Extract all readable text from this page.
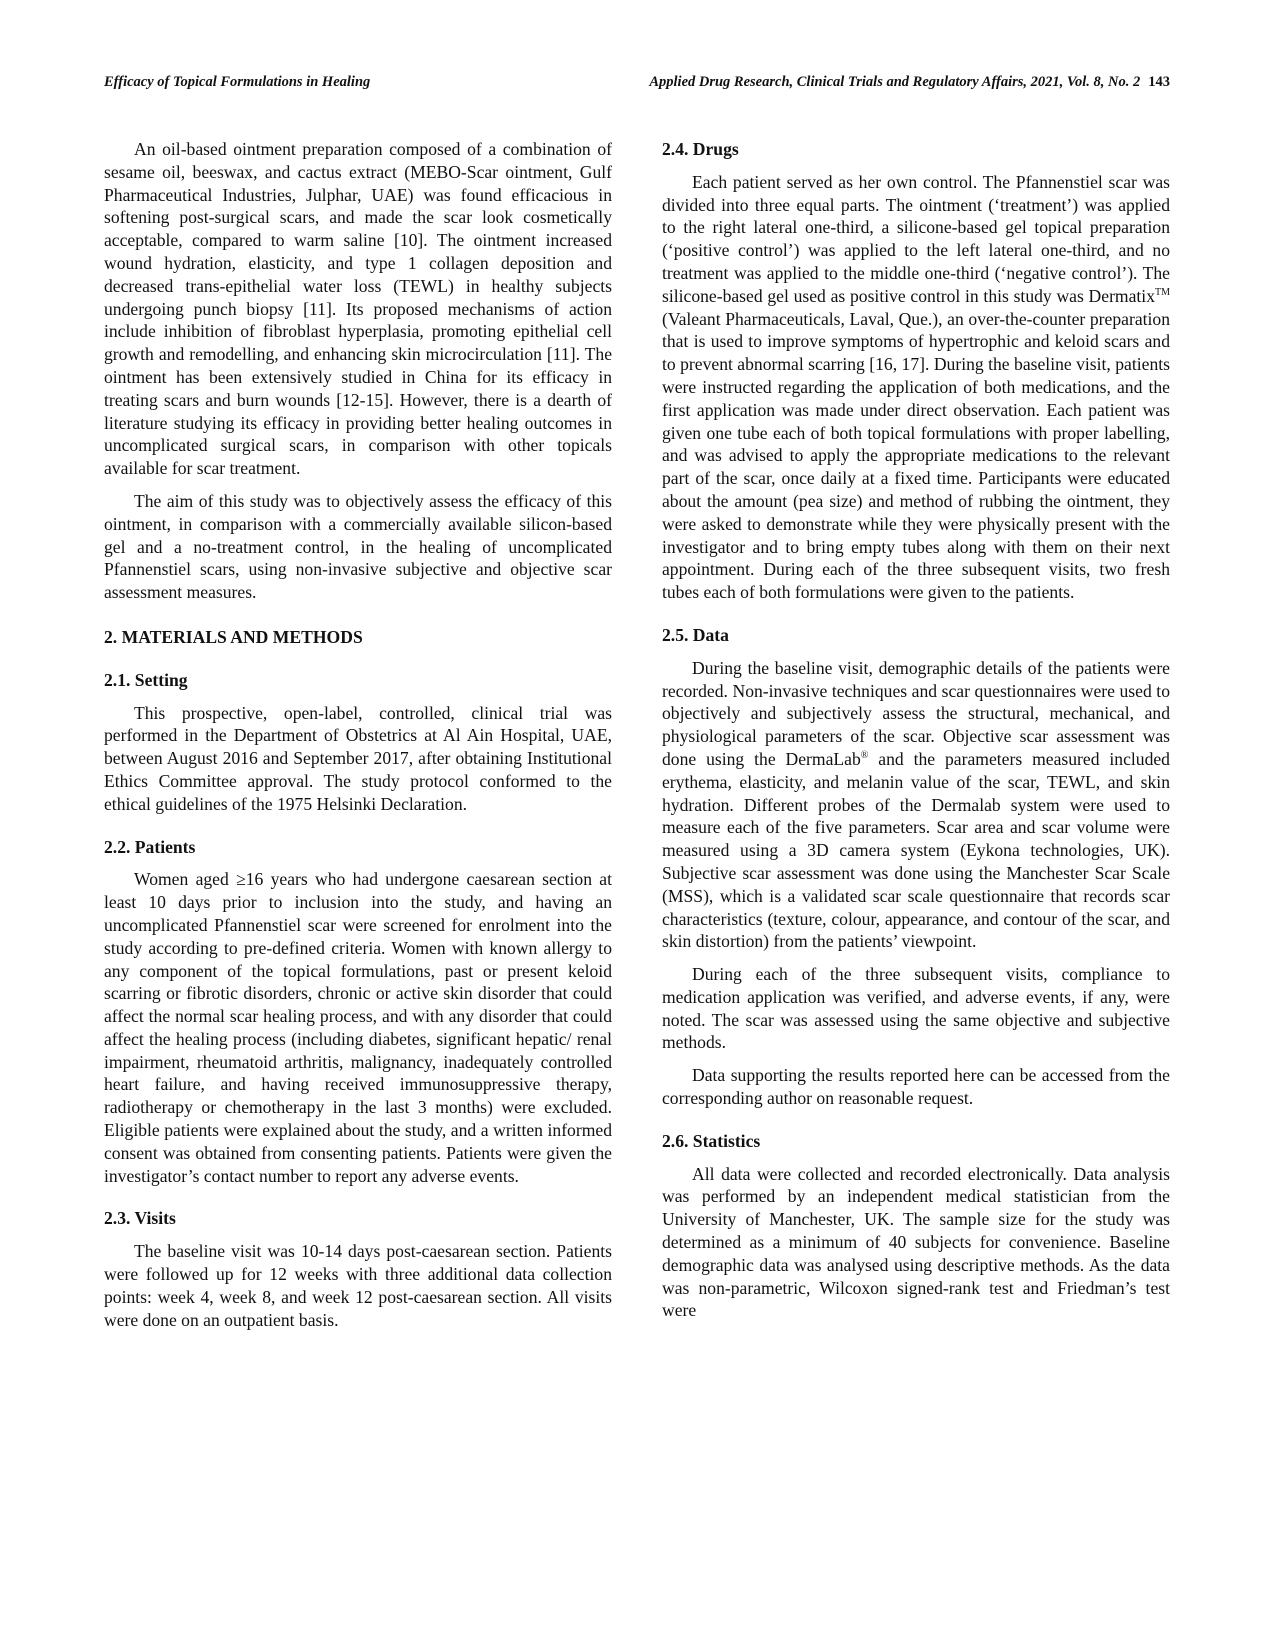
Efficacy of Topical Formulations in Healing	Applied Drug Research, Clinical Trials and Regulatory Affairs, 2021, Vol. 8, No. 2 143

An oil-based ointment preparation composed of a combination of sesame oil, beeswax, and cactus extract (MEBO-Scar ointment, Gulf Pharmaceutical Industries, Julphar, UAE) was found efficacious in softening post-surgical scars, and made the scar look cosmetically acceptable, compared to warm saline [10]. The ointment increased wound hydration, elasticity, and type 1 collagen deposition and decreased trans-epithelial water loss (TEWL) in healthy subjects undergoing punch biopsy [11]. Its proposed mechanisms of action include inhibition of fibroblast hyperplasia, promoting epithelial cell growth and remodelling, and enhancing skin microcirculation [11]. The ointment has been extensively studied in China for its efficacy in treating scars and burn wounds [12-15]. However, there is a dearth of literature studying its efficacy in providing better healing outcomes in uncomplicated surgical scars, in comparison with other topicals available for scar treatment.

The aim of this study was to objectively assess the efficacy of this ointment, in comparison with a commercially available silicon-based gel and a no-treatment control, in the healing of uncomplicated Pfannenstiel scars, using non-invasive subjective and objective scar assessment measures.

2. MATERIALS AND METHODS
2.1. Setting

This prospective, open-label, controlled, clinical trial was performed in the Department of Obstetrics at Al Ain Hospital, UAE, between August 2016 and September 2017, after obtaining Institutional Ethics Committee approval. The study protocol conformed to the ethical guidelines of the 1975 Helsinki Declaration.

2.2. Patients

Women aged ≥16 years who had undergone caesarean section at least 10 days prior to inclusion into the study, and having an uncomplicated Pfannenstiel scar were screened for enrolment into the study according to pre-defined criteria. Women with known allergy to any component of the topical formulations, past or present keloid scarring or fibrotic disorders, chronic or active skin disorder that could affect the normal scar healing process, and with any disorder that could affect the healing process (including diabetes, significant hepatic/ renal impairment, rheumatoid arthritis, malignancy, inadequately controlled heart failure, and having received immunosuppressive therapy, radiotherapy or chemotherapy in the last 3 months) were excluded. Eligible patients were explained about the study, and a written informed consent was obtained from consenting patients. Patients were given the investigator’s contact number to report any adverse events.

2.3. Visits

The baseline visit was 10-14 days post-caesarean section. Patients were followed up for 12 weeks with three additional data collection points: week 4, week 8, and week 12 post-caesarean section. All visits were done on an outpatient basis.

2.4. Drugs

Each patient served as her own control. The Pfannenstiel scar was divided into three equal parts. The ointment (‘treatment’) was applied to the right lateral one-third, a silicone-based gel topical preparation (‘positive control’) was applied to the left lateral one-third, and no treatment was applied to the middle one-third (‘negative control’). The silicone-based gel used as positive control in this study was Dermatix™ (Valeant Pharmaceuticals, Laval, Que.), an over-the-counter preparation that is used to improve symptoms of hypertrophic and keloid scars and to prevent abnormal scarring [16, 17]. During the baseline visit, patients were instructed regarding the application of both medications, and the first application was made under direct observation. Each patient was given one tube each of both topical formulations with proper labelling, and was advised to apply the appropriate medications to the relevant part of the scar, once daily at a fixed time. Participants were educated about the amount (pea size) and method of rubbing the ointment, they were asked to demonstrate while they were physically present with the investigator and to bring empty tubes along with them on their next appointment. During each of the three subsequent visits, two fresh tubes each of both formulations were given to the patients.

2.5. Data

During the baseline visit, demographic details of the patients were recorded. Non-invasive techniques and scar questionnaires were used to objectively and subjectively assess the structural, mechanical, and physiological parameters of the scar. Objective scar assessment was done using the DermaLab® and the parameters measured included erythema, elasticity, and melanin value of the scar, TEWL, and skin hydration. Different probes of the Dermalab system were used to measure each of the five parameters. Scar area and scar volume were measured using a 3D camera system (Eykona technologies, UK). Subjective scar assessment was done using the Manchester Scar Scale (MSS), which is a validated scar scale questionnaire that records scar characteristics (texture, colour, appearance, and contour of the scar, and skin distortion) from the patients’ viewpoint.

During each of the three subsequent visits, compliance to medication application was verified, and adverse events, if any, were noted. The scar was assessed using the same objective and subjective methods.

Data supporting the results reported here can be accessed from the corresponding author on reasonable request.

2.6. Statistics

All data were collected and recorded electronically. Data analysis was performed by an independent medical statistician from the University of Manchester, UK. The sample size for the study was determined as a minimum of 40 subjects for convenience. Baseline demographic data was analysed using descriptive methods. As the data was non-parametric, Wilcoxon signed-rank test and Friedman’s test were
